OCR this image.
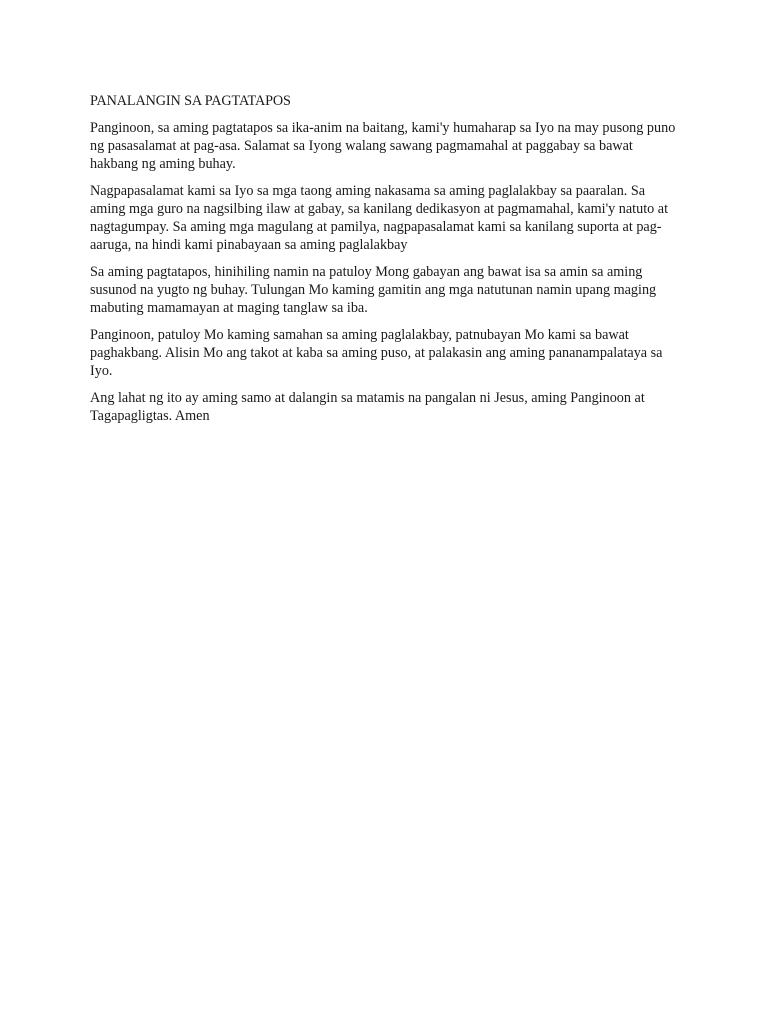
PANALANGIN SA PAGTATAPOS

Panginoon, sa aming pagtatapos sa ika-anim na baitang, kami'y humaharap sa Iyo na may pusong puno ng pasasalamat at pag-asa. Salamat sa Iyong walang sawang pagmamahal at paggabay sa bawat hakbang ng aming buhay.

Nagpapasalamat kami sa Iyo sa mga taong aming nakasama sa aming paglalakbay sa paaralan. Sa aming mga guro na nagsilbing ilaw at gabay, sa kanilang dedikasyon at pagmamahal, kami'y natuto at nagtagumpay. Sa aming mga magulang at pamilya, nagpapasalamat kami sa kanilang suporta at pag-aaruga, na hindi kami pinabayaan sa aming paglalakbay

Sa aming pagtatapos, hinihiling namin na patuloy Mong gabayan ang bawat isa sa amin sa aming susunod na yugto ng buhay. Tulungan Mo kaming gamitin ang mga natutunan namin upang maging mabuting mamamayan at maging tanglaw sa iba.

Panginoon, patuloy Mo kaming samahan sa aming paglalakbay, patnubayan Mo kami sa bawat paghakbang. Alisin Mo ang takot at kaba sa aming puso, at palakasin ang aming pananampalataya sa Iyo.

Ang lahat ng ito ay aming samo at dalangin sa matamis na pangalan ni Jesus, aming Panginoon at Tagapagligtas. Amen
